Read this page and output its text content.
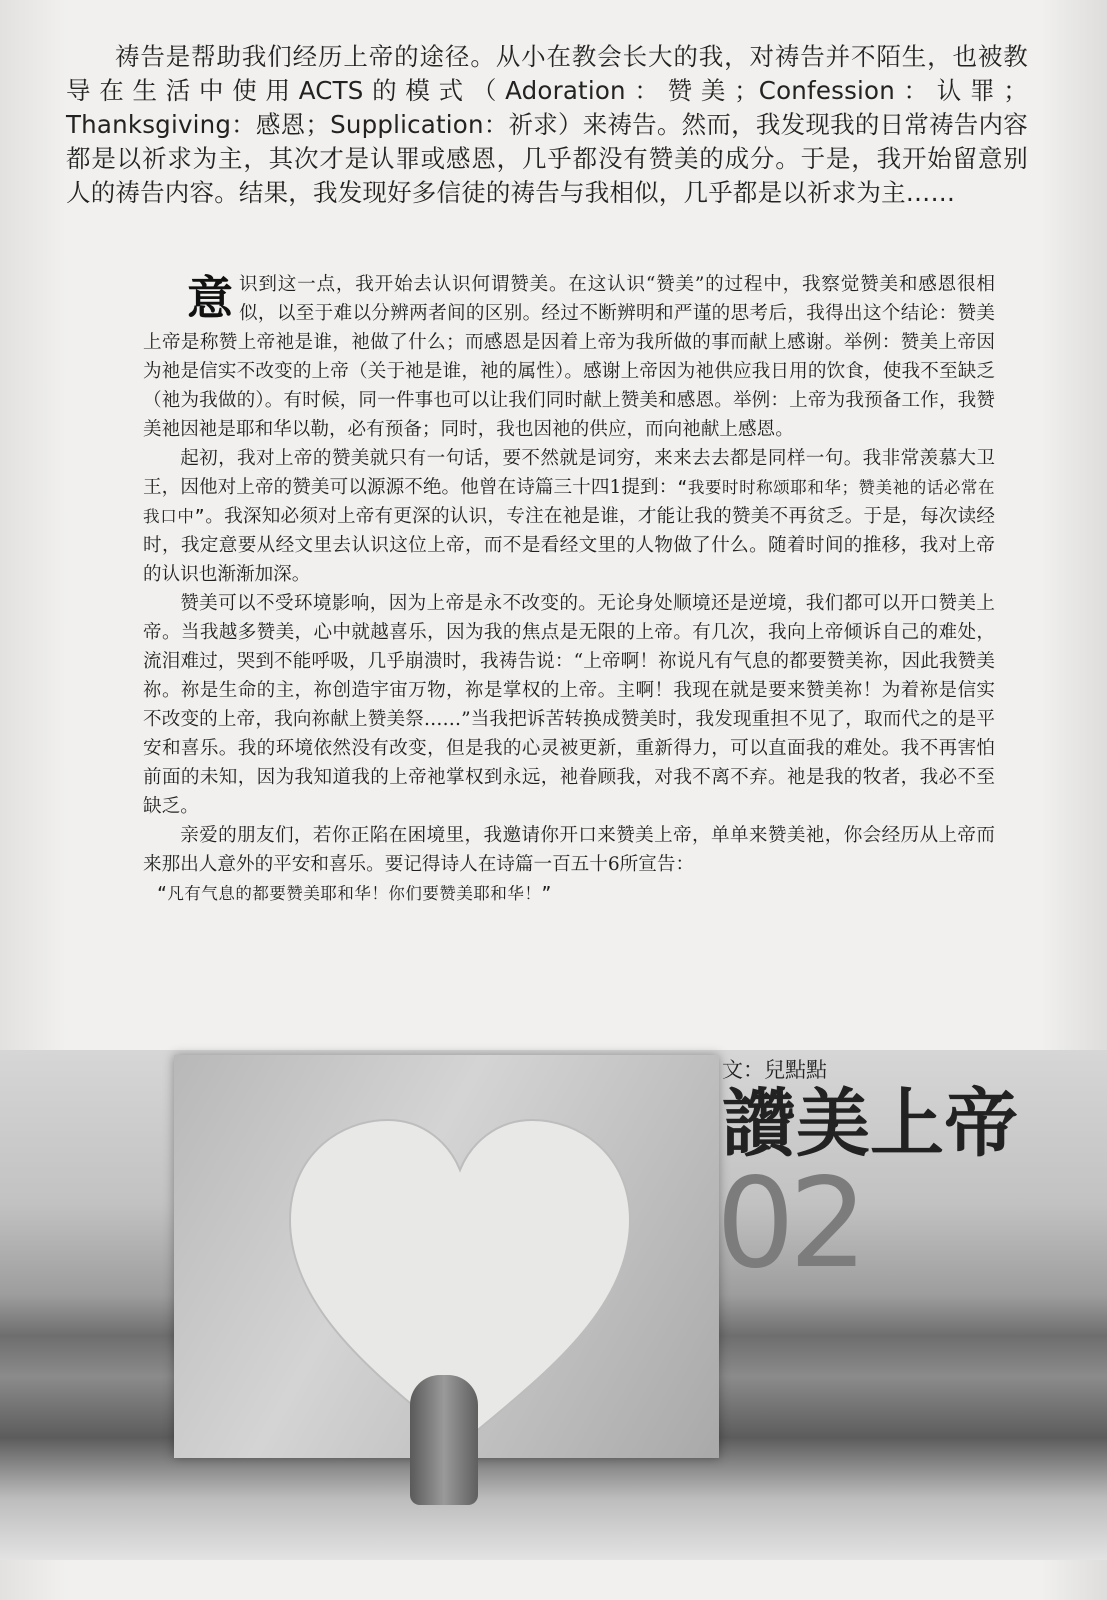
祷告是帮助我们经历上帝的途径。从小在教会长大的我，对祷告并不陌生，也被教导在生活中使用ACTS的模式（Adoration：赞美；Confession：认罪；Thanksgiving：感恩；Supplication：祈求）来祷告。然而，我发现我的日常祷告内容都是以祈求为主，其次才是认罪或感恩，几乎都没有赞美的成分。于是，我开始留意别人的祷告内容。结果，我发现好多信徒的祷告与我相似，几乎都是以祈求为主……

意识到这一点，我开始去认识何谓赞美。在这认识“赞美”的过程中，我察觉赞美和感恩很相似，以至于难以分辨两者间的区别。经过不断辨明和严谨的思考后，我得出这个结论：赞美上帝是称赞上帝祂是谁，祂做了什么；而感恩是因着上帝为我所做的事而献上感谢。举例：赞美上帝因为祂是信实不改变的上帝（关于祂是谁，祂的属性）。感谢上帝因为祂供应我日用的饮食，使我不至缺乏（祂为我做的）。有时候，同一件事也可以让我们同时献上赞美和感恩。举例：上帝为我预备工作，我赞美祂因祂是耶和华以勒，必有预备；同时，我也因祂的供应，而向祂献上感恩。

起初，我对上帝的赞美就只有一句话，要不然就是词穷，来来去去都是同样一句。我非常羡慕大卫王，因他对上帝的赞美可以源源不绝。他曾在诗篇三十四1提到：“我要时时称颂耶和华；赞美祂的话必常在我口中”。我深知必须对上帝有更深的认识，专注在祂是谁，才能让我的赞美不再贫乏。于是，每次读经时，我定意要从经文里去认识这位上帝，而不是看经文里的人物做了什么。随着时间的推移，我对上帝的认识也渐渐加深。

赞美可以不受环境影响，因为上帝是永不改变的。无论身处顺境还是逆境，我们都可以开口赞美上帝。当我越多赞美，心中就越喜乐，因为我的焦点是无限的上帝。有几次，我向上帝倾诉自己的难处，流泪难过，哭到不能呼吸，几乎崩溃时，我祷告说：“上帝啊！祢说凡有气息的都要赞美祢，因此我赞美祢。祢是生命的主，祢创造宇宙万物，祢是掌权的上帝。主啊！我现在就是要来赞美祢！为着祢是信实不改变的上帝，我向祢献上赞美祭……”当我把诉苦转换成赞美时，我发现重担不见了，取而代之的是平安和喜乐。我的环境依然没有改变，但是我的心灵被更新，重新得力，可以直面我的难处。我不再害怕前面的未知，因为我知道我的上帝祂掌权到永远，祂眷顾我，对我不离不弃。祂是我的牧者，我必不至缺乏。

亲爱的朋友们，若你正陷在困境里，我邀请你开口来赞美上帝，单单来赞美祂，你会经历从上帝而来那出人意外的平安和喜乐。要记得诗人在诗篇一百五十6所宣告：

“凡有气息的都要赞美耶和华！你们要赞美耶和华！”
文：兒點點
讚美上帝
02
